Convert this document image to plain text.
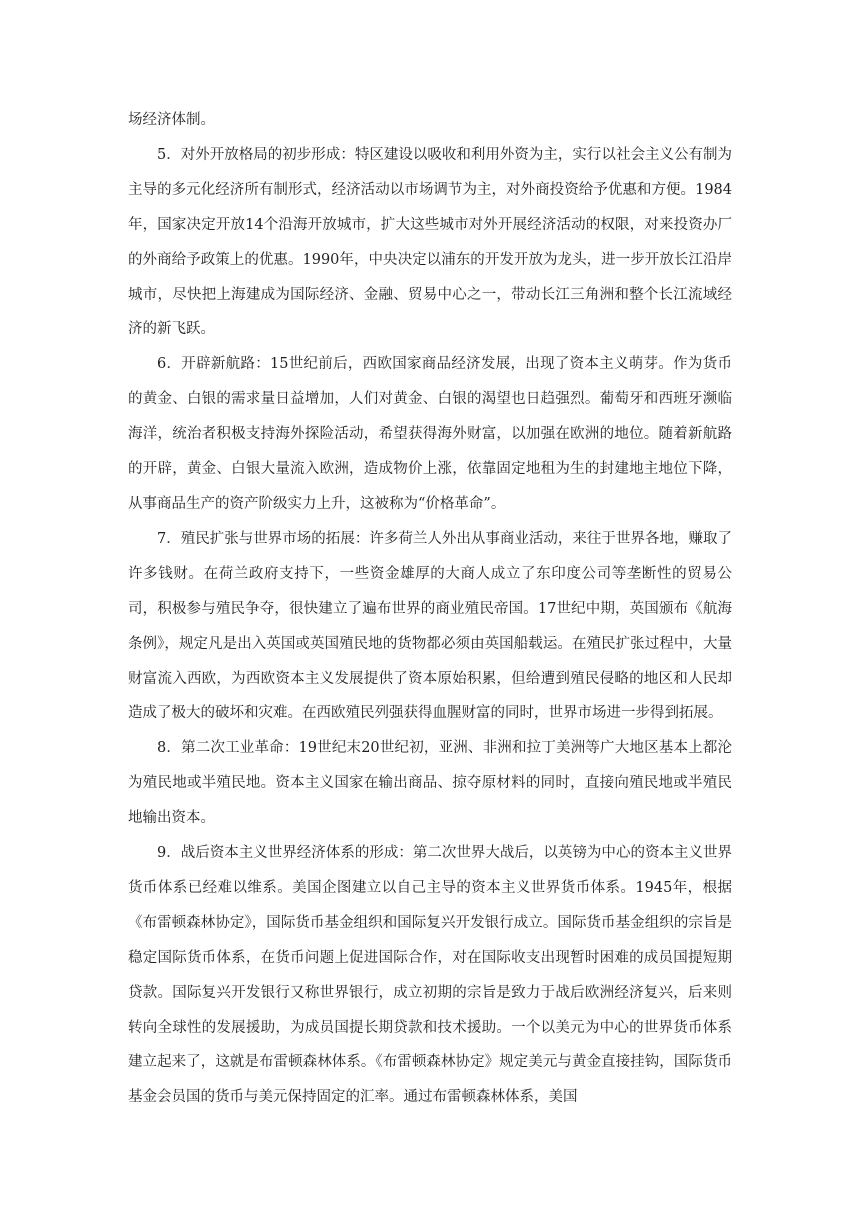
场经济体制。

5．对外开放格局的初步形成：特区建设以吸收和利用外资为主，实行以社会主义公有制为主导的多元化经济所有制形式，经济活动以市场调节为主，对外商投资给予优惠和方便。1984年，国家决定开放14个沿海开放城市，扩大这些城市对外开展经济活动的权限，对来投资办厂的外商给予政策上的优惠。1990年，中央决定以浦东的开发开放为龙头，进一步开放长江沿岸城市，尽快把上海建成为国际经济、金融、贸易中心之一，带动长江三角洲和整个长江流域经济的新飞跃。

6．开辟新航路：15世纪前后，西欧国家商品经济发展，出现了资本主义萌芽。作为货币的黄金、白银的需求量日益增加，人们对黄金、白银的渴望也日趋强烈。葡萄牙和西班牙濒临海洋，统治者积极支持海外探险活动，希望获得海外财富，以加强在欧洲的地位。随着新航路的开辟，黄金、白银大量流入欧洲，造成物价上涨，依靠固定地租为生的封建地主地位下降，从事商品生产的资产阶级实力上升，这被称为“价格革命”。

7．殖民扩张与世界市场的拓展：许多荷兰人外出从事商业活动，来往于世界各地，赚取了许多钱财。在荷兰政府支持下，一些资金雄厚的大商人成立了东印度公司等垄断性的贸易公司，积极参与殖民争夺，很快建立了遍布世界的商业殖民帝国。17世纪中期，英国颁布《航海条例》，规定凡是出入英国或英国殖民地的货物都必须由英国船载运。在殖民扩张过程中，大量财富流入西欧，为西欧资本主义发展提供了资本原始积累，但给遭到殖民侵略的地区和人民却造成了极大的破坏和灾难。在西欧殖民列强获得血腥财富的同时，世界市场进一步得到拓展。

8．第二次工业革命：19世纪末20世纪初，亚洲、非洲和拉丁美洲等广大地区基本上都沦为殖民地或半殖民地。资本主义国家在输出商品、掠夺原材料的同时，直接向殖民地或半殖民地输出资本。

9．战后资本主义世界经济体系的形成：第二次世界大战后，以英镑为中心的资本主义世界货币体系已经难以维系。美国企图建立以自己主导的资本主义世界货币体系。1945年，根据《布雷顿森林协定》，国际货币基金组织和国际复兴开发银行成立。国际货币基金组织的宗旨是稳定国际货币体系，在货币问题上促进国际合作，对在国际收支出现暂时困难的成员国提短期贷款。国际复兴开发银行又称世界银行，成立初期的宗旨是致力于战后欧洲经济复兴，后来则转向全球性的发展援助，为成员国提长期贷款和技术援助。一个以美元为中心的世界货币体系建立起来了，这就是布雷顿森林体系。《布雷顿森林协定》规定美元与黄金直接挂钩，国际货币基金会员国的货币与美元保持固定的汇率。通过布雷顿森林体系，美国
